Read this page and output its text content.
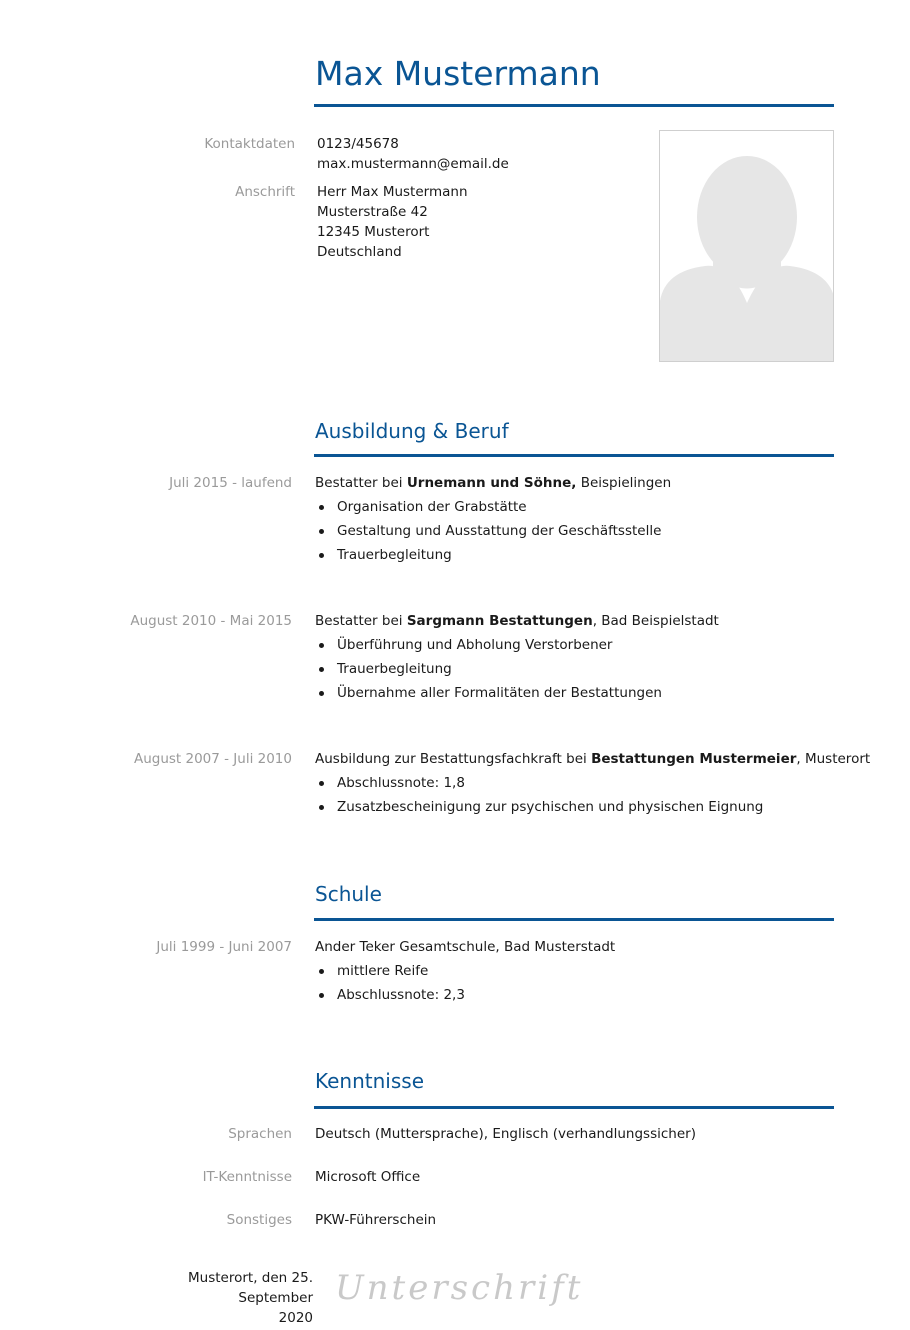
Max Mustermann
Kontaktdaten 0123/45678
max.mustermann@email.de
Anschrift Herr Max Mustermann
Musterstraße 42
12345 Musterort
Deutschland
Ausbildung & Beruf
Juli 2015 - laufend Bestatter bei Urnemann und Söhne, Beispielingen
Organisation der Grabstätte
Gestaltung und Ausstattung der Geschäftsstelle
Trauerbegleitung
August 2010 - Mai 2015 Bestatter bei Sargmann Bestattungen, Bad Beispielstadt
Überführung und Abholung Verstorbener
Trauerbegleitung
Übernahme aller Formalitäten der Bestattungen
August 2007 - Juli 2010 Ausbildung zur Bestattungsfachkraft bei Bestattungen Mustermeier, Musterort
Abschlussnote: 1,8
Zusatzbescheinigung zur psychischen und physischen Eignung
Schule
Juli 1999 - Juni 2007 Ander Teker Gesamtschule, Bad Musterstadt
mittlere Reife
Abschlussnote: 2,3
Kenntnisse
Sprachen Deutsch (Muttersprache), Englisch (verhandlungssicher)
IT-Kenntnisse Microsoft Office
Sonstiges PKW-Führerschein
Musterort, den 25. September
2020
Unterschrift
